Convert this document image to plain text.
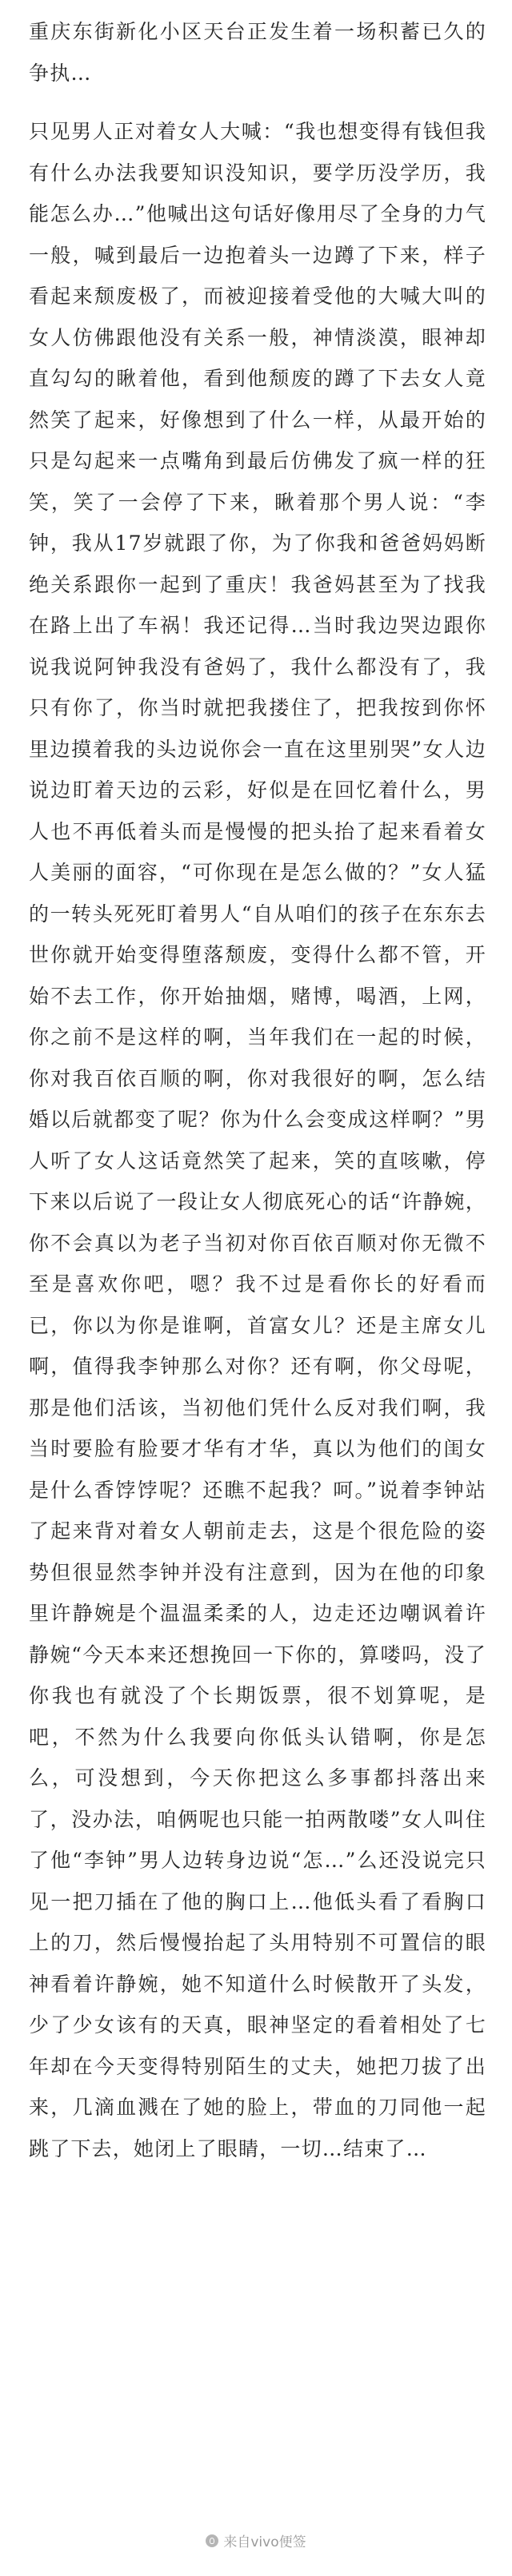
重庆东街新化小区天台正发生着一场积蓄已久的争执…

只见男人正对着女人大喊：“我也想变得有钱但我有什么办法我要知识没知识，要学历没学历，我能怎么办…”他喊出这句话好像用尽了全身的力气一般，喊到最后一边抱着头一边蹲了下来，样子看起来颓废极了，而被迎接着受他的大喊大叫的女人仿佛跟他没有关系一般，神情淡漠，眼神却直勾勾的瞅着他，看到他颓废的蹲了下去女人竟然笑了起来，好像想到了什么一样，从最开始的只是勾起来一点嘴角到最后仿佛发了疯一样的狂笑，笑了一会停了下来，瞅着那个男人说：“李钟，我从17岁就跟了你，为了你我和爸爸妈妈断绝关系跟你一起到了重庆！我爸妈甚至为了找我在路上出了车祸！我还记得…当时我边哭边跟你说我说阿钟我没有爸妈了，我什么都没有了，我只有你了，你当时就把我搂住了，把我按到你怀里边摸着我的头边说你会一直在这里别哭”女人边说边盯着天边的云彩，好似是在回忆着什么，男人也不再低着头而是慢慢的把头抬了起来看着女人美丽的面容，“可你现在是怎么做的？”女人猛的一转头死死盯着男人“自从咱们的孩子在东东去世你就开始变得堕落颓废，变得什么都不管，开始不去工作，你开始抽烟，赌博，喝酒，上网，你之前不是这样的啊，当年我们在一起的时候，你对我百依百顺的啊，你对我很好的啊，怎么结婚以后就都变了呢？你为什么会变成这样啊？”男人听了女人这话竟然笑了起来，笑的直咳嗽，停下来以后说了一段让女人彻底死心的话“许静婉，你不会真以为老子当初对你百依百顺对你无微不至是喜欢你吧，嗯？我不过是看你长的好看而已，你以为你是谁啊，首富女儿？还是主席女儿啊，值得我李钟那么对你？还有啊，你父母呢，那是他们活该，当初他们凭什么反对我们啊，我当时要脸有脸要才华有才华，真以为他们的闺女是什么香饽饽呢？还瞧不起我？呵。”说着李钟站了起来背对着女人朝前走去，这是个很危险的姿势但很显然李钟并没有注意到，因为在他的印象里许静婉是个温温柔柔的人，边走还边嘲讽着许静婉“今天本来还想挽回一下你的，算喽吗，没了你我也有就没了个长期饭票，很不划算呢，是吧，不然为什么我要向你低头认错啊，你是怎么，可没想到，今天你把这么多事都抖落出来了，没办法，咱俩呢也只能一拍两散喽”女人叫住了他“李钟”男人边转身边说“怎…”么还没说完只见一把刀插在了他的胸口上…他低头看了看胸口上的刀，然后慢慢抬起了头用特别不可置信的眼神看着许静婉，她不知道什么时候散开了头发，少了少女该有的天真，眼神坚定的看着相处了七年却在今天变得特别陌生的丈夫，她把刀拔了出来，几滴血溅在了她的脸上，带血的刀同他一起跳了下去，她闭上了眼睛，一切…结束了…

来自vivo便签
